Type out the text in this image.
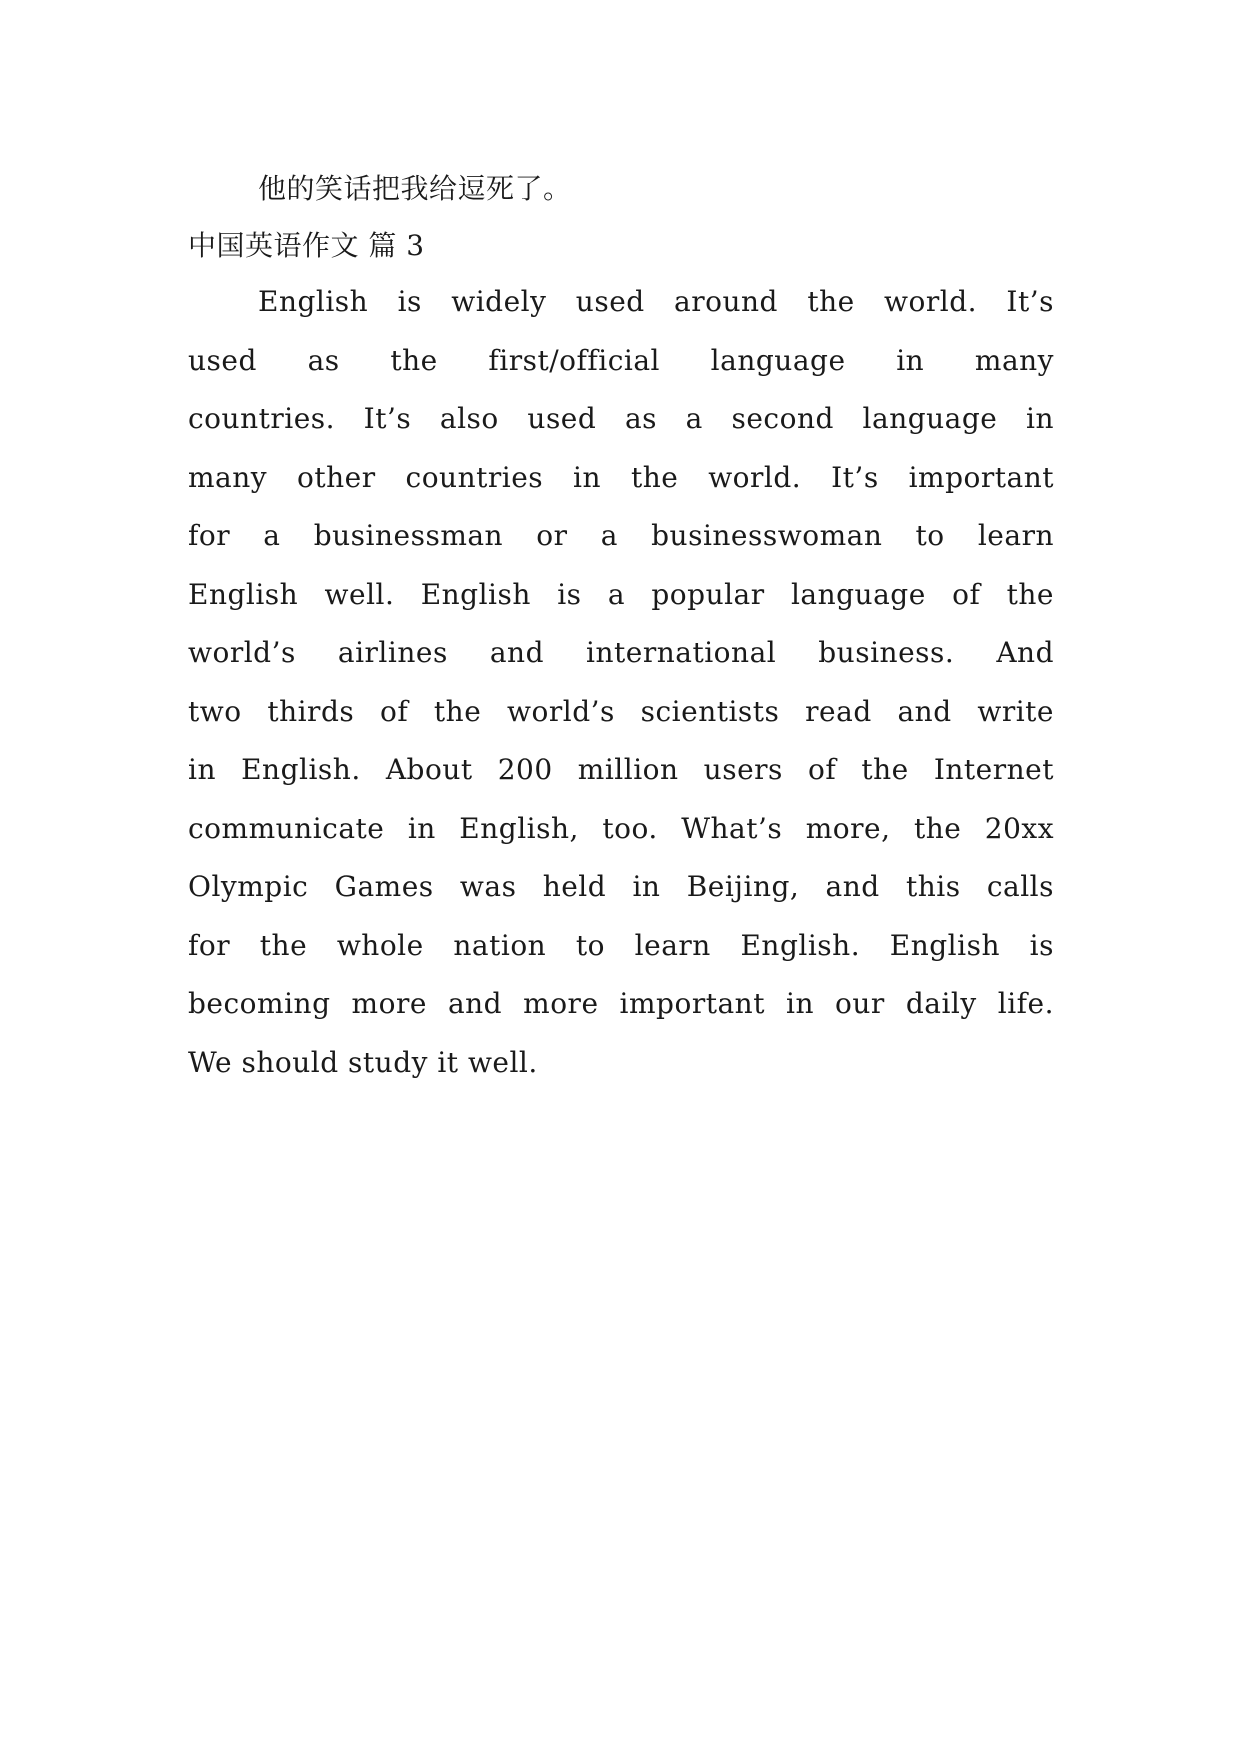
他的笑话把我给逗死了。
中国英语作文 篇 3
English is widely used around the world. It’s
used as the first/official language in many
countries. It’s also used as a second language in
many other countries in the world. It’s important
for a businessman or a businesswoman to learn
English well. English is a popular language of the
world’s airlines and international business. And
two thirds of the world’s scientists read and write
in English. About 200 million users of the Internet
communicate in English, too. What’s more, the 20xx
Olympic Games was held in Beijing, and this calls
for the whole nation to learn English. English is
becoming more and more important in our daily life.
We should study it well.
